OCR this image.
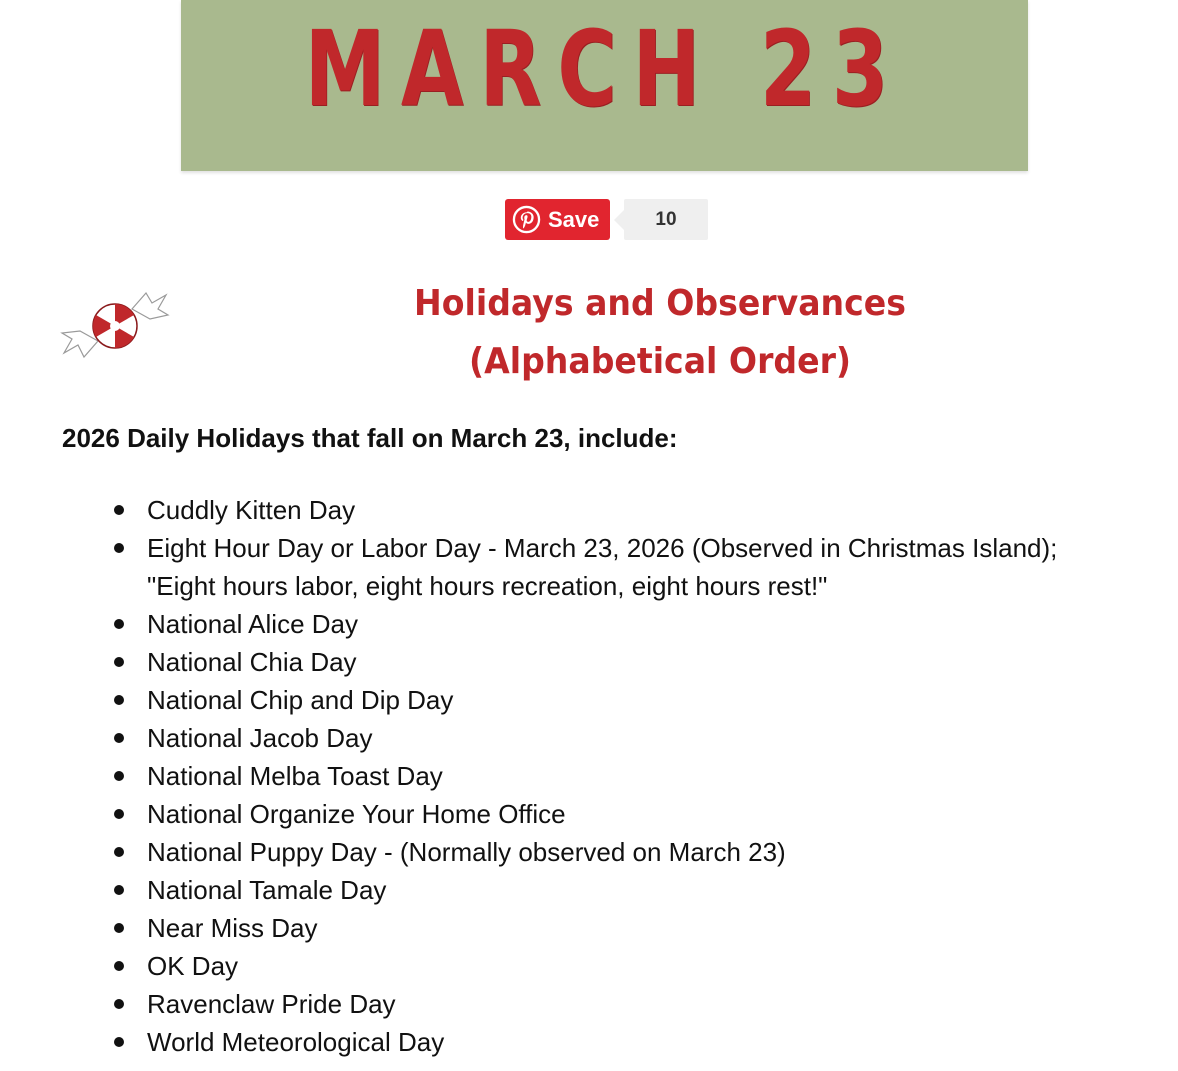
MARCH 23
Save	10
Holidays and Observances
(Alphabetical Order)
2026 Daily Holidays that fall on March 23, include:
Cuddly Kitten Day
Eight Hour Day or Labor Day - March 23, 2026 (Observed in Christmas Island); "Eight hours labor, eight hours recreation, eight hours rest!"
National Alice Day
National Chia Day
National Chip and Dip Day
National Jacob Day
National Melba Toast Day
National Organize Your Home Office
National Puppy Day - (Normally observed on March 23)
National Tamale Day
Near Miss Day
OK Day
Ravenclaw Pride Day
World Meteorological Day
